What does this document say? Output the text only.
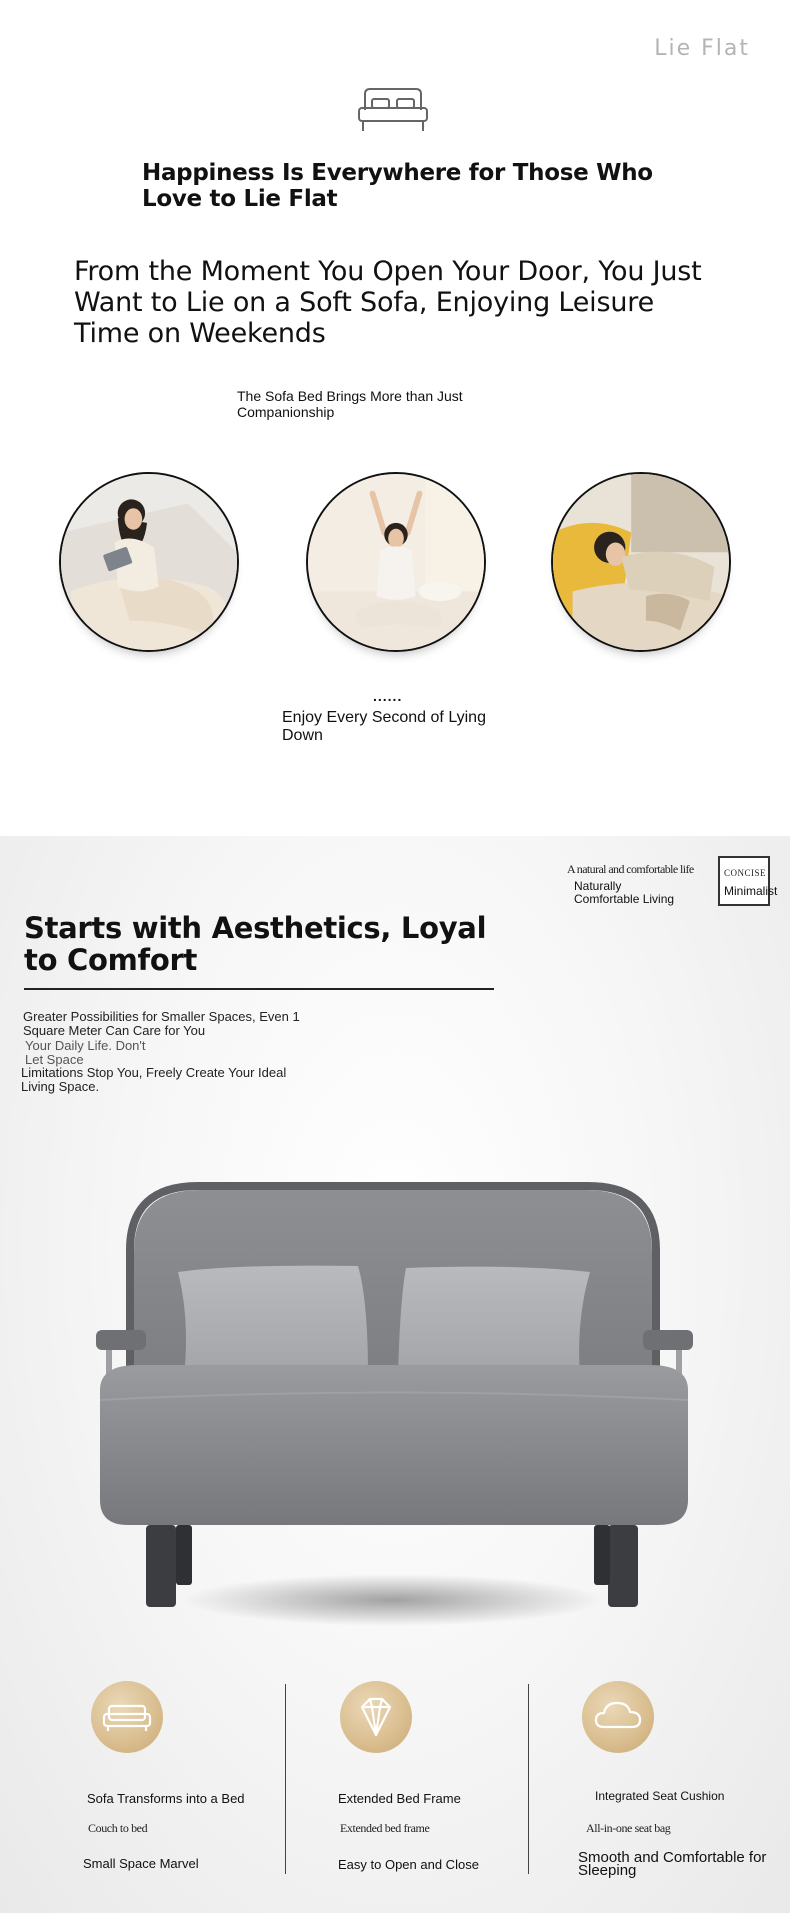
Lie Flat
Happiness Is Everywhere for Those Who Love to Lie Flat
From the Moment You Open Your Door, You Just Want to Lie on a Soft Sofa, Enjoying Leisure Time on Weekends
The Sofa Bed Brings More than Just Companionship
......
Enjoy Every Second of Lying Down
A natural and comfortable life
Naturally Comfortable Living
CONCISE
Minimalist
Starts with Aesthetics, Loyal to Comfort
Greater Possibilities for Smaller Spaces, Even 1 Square Meter Can Care for You
Your Daily Life. Don't
Let Space
Limitations Stop You, Freely Create Your Ideal Living Space.
Sofa Transforms into a Bed
Couch to bed
Small Space Marvel
Extended Bed Frame
Extended bed frame
Easy to Open and Close
Integrated Seat Cushion
All-in-one seat bag
Smooth and Comfortable for Sleeping
